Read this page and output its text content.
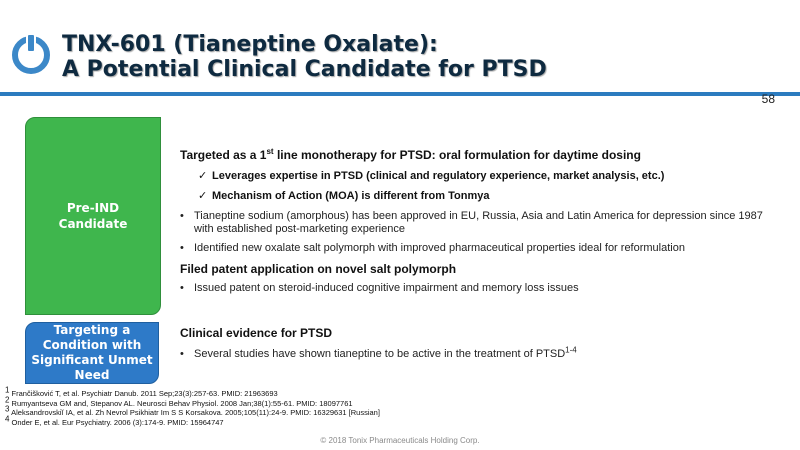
TNX-601 (Tianeptine Oxalate):
A Potential Clinical Candidate for PTSD
58
Pre-IND Candidate
Targeting a Condition with Significant Unmet Need
Targeted as a 1st line monotherapy for PTSD: oral formulation for daytime dosing
✓ Leverages expertise in PTSD (clinical and regulatory experience, market analysis, etc.)
✓ Mechanism of Action (MOA) is different from Tonmya
• Tianeptine sodium (amorphous) has been approved in EU, Russia, Asia and Latin America for depression since 1987
with established post-marketing experience
• Identified new oxalate salt polymorph with improved pharmaceutical properties ideal for reformulation
Filed patent application on novel salt polymorph
• Issued patent on steroid-induced cognitive impairment and memory loss issues
Clinical evidence for PTSD
• Several studies have shown tianeptine to be active in the treatment of PTSD$^{1-4}$
1 Frančišković T, et al. Psychiatr Danub. 2011 Sep;23(3):257-63. PMID: 21963693
2 Rumyantseva GM and, Stepanov AL. Neurosci Behav Physiol. 2008 Jan;38(1):55-61. PMID: 18097761
3 Aleksandrovskiĭ IA, et al. Zh Nevrol Psikhiatr Im S S Korsakova. 2005;105(11):24-9. PMID: 16329631 [Russian]
4 Onder E, et al. Eur Psychiatry. 2006 (3):174-9. PMID: 15964747
© 2018 Tonix Pharmaceuticals Holding Corp.
